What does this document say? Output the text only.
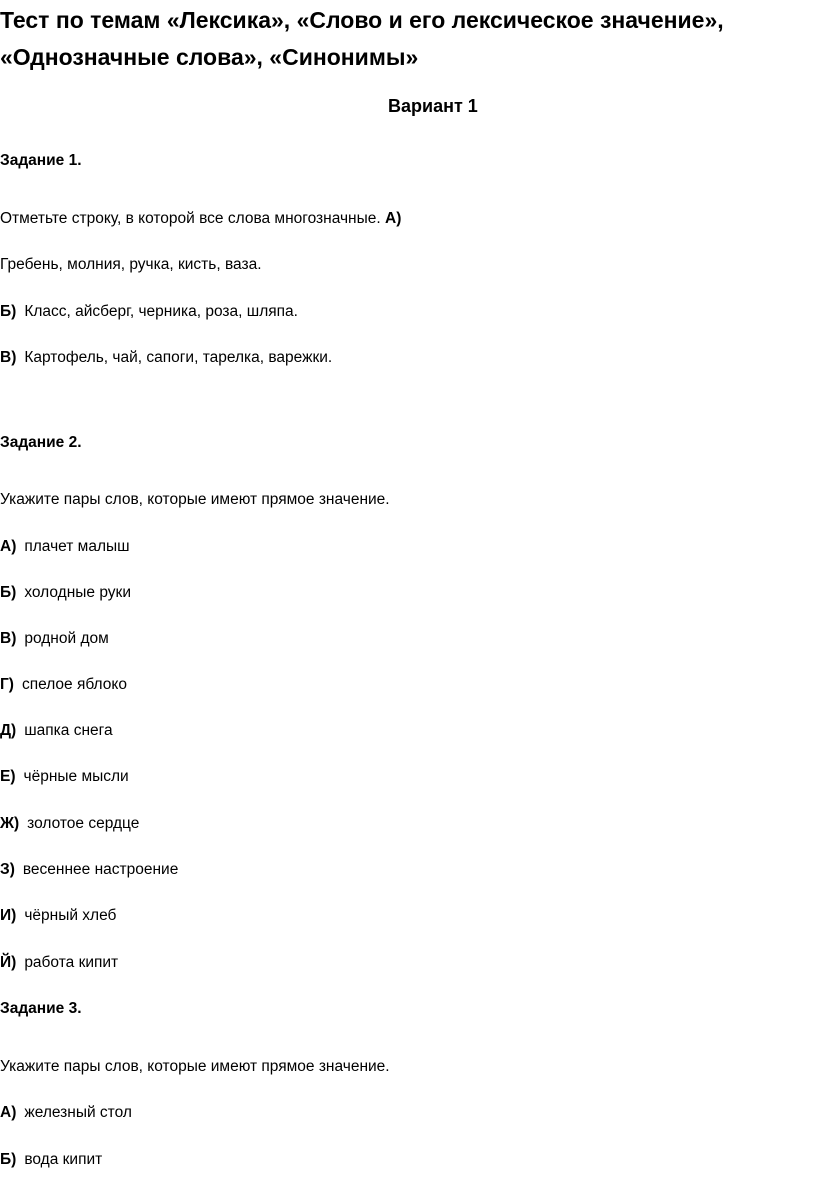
Тест по темам «Лексика», «Слово и его лексическое значение»,
«Однозначные слова», «Синонимы»
Вариант 1
Задание 1.
Отметьте строку, в которой все слова многозначные. А)
Гребень, молния, ручка, кисть, ваза.
Б) Класс, айсберг, черника, роза, шляпа.
В) Картофель, чай, сапоги, тарелка, варежки.
Задание 2.
Укажите пары слов, которые имеют прямое значение.
А) плачет малыш
Б) холодные руки
В) родной дом
Г) спелое яблоко
Д) шапка снега
Е) чёрные мысли
Ж) золотое сердце
З) весеннее настроение
И) чёрный хлеб
Й) работа кипит
Задание 3.
Укажите пары слов, которые имеют прямое значение.
А) железный стол
Б) вода кипит
